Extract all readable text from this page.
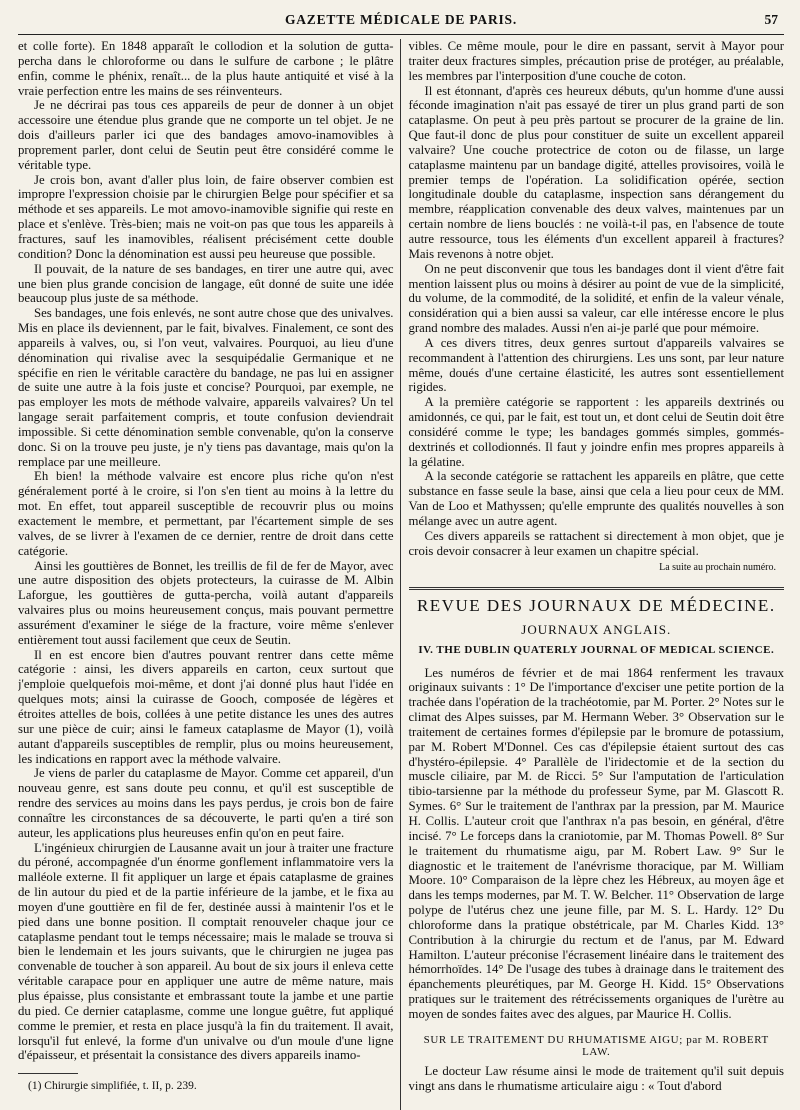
GAZETTE MÉDICALE DE PARIS.	57

et colle forte). En 1848 apparaît le collodion et la solution de gutta-percha dans le chloroforme ou dans le sulfure de carbone ; le plâtre enfin, comme le phénix, renaît... de la plus haute antiquité et visé à la vraie perfection entre les mains de ses réinventeurs.

Je ne décrirai pas tous ces appareils de peur de donner à un objet accessoire une étendue plus grande que ne comporte un tel objet. Je ne dois d'ailleurs parler ici que des bandages amovo-inamovibles à proprement parler, dont celui de Seutin peut être considéré comme le véritable type.

Je crois bon, avant d'aller plus loin, de faire observer combien est impropre l'expression choisie par le chirurgien Belge pour spécifier et sa méthode et ses appareils. Le mot amovo-inamovible signifie qui reste en place et s'enlève. Très-bien; mais ne voit-on pas que tous les appareils à fractures, sauf les inamovibles, réalisent précisément cette double condition? Donc la dénomination est aussi peu heureuse que possible.

Il pouvait, de la nature de ses bandages, en tirer une autre qui, avec une bien plus grande concision de langage, eût donné de suite une idée beaucoup plus juste de sa méthode.

Ses bandages, une fois enlevés, ne sont autre chose que des univalves. Mis en place ils deviennent, par le fait, bivalves. Finalement, ce sont des appareils à valves, ou, si l'on veut, valvaires. Pourquoi, au lieu d'une dénomination qui rivalise avec la sesquipédalie Germanique et ne spécifie en rien le véritable caractère du bandage, ne pas lui en assigner de suite une autre à la fois juste et concise? Pourquoi, par exemple, ne pas employer les mots de méthode valvaire, appareils valvaires? Un tel langage serait parfaitement compris, et toute confusion deviendrait impossible. Si cette dénomination semble convenable, qu'on la conserve donc. Si on la trouve peu juste, je n'y tiens pas davantage, mais qu'on la remplace par une meilleure.

Eh bien! la méthode valvaire est encore plus riche qu'on n'est généralement porté à le croire, si l'on s'en tient au moins à la lettre du mot. En effet, tout appareil susceptible de recouvrir plus ou moins exactement le membre, et permettant, par l'écartement simple de ses valves, de se livrer à l'examen de ce dernier, rentre de droit dans cette catégorie.

Ainsi les gouttières de Bonnet, les treillis de fil de fer de Mayor, avec une autre disposition des objets protecteurs, la cuirasse de M. Albin Laforgue, les gouttières de gutta-percha, voilà autant d'appareils valvaires plus ou moins heureusement conçus, mais pouvant permettre assurément d'examiner le siége de la fracture, voire même s'enlever entièrement tout aussi facilement que ceux de Seutin.

Il en est encore bien d'autres pouvant rentrer dans cette même catégorie : ainsi, les divers appareils en carton, ceux surtout que j'emploie quelquefois moi-même, et dont j'ai donné plus haut l'idée en quelques mots; ainsi la cuirasse de Gooch, composée de légères et étroites attelles de bois, collées à une petite distance les unes des autres sur une pièce de cuir; ainsi le fameux cataplasme de Mayor (1), voilà autant d'appareils susceptibles de remplir, plus ou moins heureusement, les indications en rapport avec la méthode valvaire.

Je viens de parler du cataplasme de Mayor. Comme cet appareil, d'un nouveau genre, est sans doute peu connu, et qu'il est susceptible de rendre des services au moins dans les pays perdus, je crois bon de faire connaître les circonstances de sa découverte, le parti qu'en a tiré son auteur, les applications plus heureuses enfin qu'on en peut faire.

L'ingénieux chirurgien de Lausanne avait un jour à traiter une fracture du péroné, accompagnée d'un énorme gonflement inflammatoire vers la malléole externe. Il fit appliquer un large et épais cataplasme de graines de lin autour du pied et de la partie inférieure de la jambe, et le fixa au moyen d'une gouttière en fil de fer, destinée aussi à maintenir l'os et le pied dans une bonne position. Il comptait renouveler chaque jour ce cataplasme pendant tout le temps nécessaire; mais le malade se trouva si bien le lendemain et les jours suivants, que le chirurgien ne jugea pas convenable de toucher à son appareil. Au bout de six jours il enleva cette véritable carapace pour en appliquer une autre de même nature, mais plus épaisse, plus consistante et embrassant toute la jambe et une partie du pied. Ce dernier cataplasme, comme une longue guêtre, fut appliqué comme le premier, et resta en place jusqu'à la fin du traitement. Il avait, lorsqu'il fut enlevé, la forme d'un univalve ou d'un moule d'une ligne d'épaisseur, et présentait la consistance des divers appareils inamo-

(1) Chirurgie simplifiée, t. II, p. 239.

vibles. Ce même moule, pour le dire en passant, servit à Mayor pour traiter deux fractures simples, précaution prise de protéger, au préalable, les membres par l'interposition d'une couche de coton.

Il est étonnant, d'après ces heureux débuts, qu'un homme d'une aussi féconde imagination n'ait pas essayé de tirer un plus grand parti de son cataplasme. On peut à peu près partout se procurer de la graine de lin. Que faut-il donc de plus pour constituer de suite un excellent appareil valvaire? Une couche protectrice de coton ou de filasse, un large cataplasme maintenu par un bandage digité, attelles provisoires, voilà le premier temps de l'opération. La solidification opérée, section longitudinale double du cataplasme, inspection sans dérangement du membre, réapplication convenable des deux valves, maintenues par un certain nombre de liens bouclés : ne voilà-t-il pas, en l'absence de toute autre ressource, tous les éléments d'un excellent appareil à fractures? Mais revenons à notre objet.

On ne peut disconvenir que tous les bandages dont il vient d'être fait mention laissent plus ou moins à désirer au point de vue de la simplicité, du volume, de la commodité, de la solidité, et enfin de la valeur vénale, considération qui a bien aussi sa valeur, car elle intéresse encore le plus grand nombre des malades. Aussi n'en ai-je parlé que pour mémoire.

A ces divers titres, deux genres surtout d'appareils valvaires se recommandent à l'attention des chirurgiens. Les uns sont, par leur nature même, doués d'une certaine élasticité, les autres sont essentiellement rigides.

A la première catégorie se rapportent : les appareils dextrinés ou amidonnés, ce qui, par le fait, est tout un, et dont celui de Seutin doit être considéré comme le type; les bandages gommés simples, gommés-dextrinés et collodionnés. Il faut y joindre enfin mes propres appareils à la gélatine.

A la seconde catégorie se rattachent les appareils en plâtre, que cette substance en fasse seule la base, ainsi que cela a lieu pour ceux de MM. Van de Loo et Mathyssen; qu'elle emprunte des qualités nouvelles à son mélange avec un autre agent.

Ces divers appareils se rattachent si directement à mon objet, que je crois devoir consacrer à leur examen un chapitre spécial.

La suite au prochain numéro.
REVUE DES JOURNAUX DE MÉDECINE.
JOURNAUX ANGLAIS.
IV. THE DUBLIN QUATERLY JOURNAL OF MEDICAL SCIENCE.

Les numéros de février et de mai 1864 renferment les travaux originaux suivants : 1° De l'importance d'exciser une petite portion de la trachée dans l'opération de la trachéotomie, par M. Porter. 2° Notes sur le climat des Alpes suisses, par M. Hermann Weber. 3° Observation sur le traitement de certaines formes d'épilepsie par le bromure de potassium, par M. Robert M'Donnel. Ces cas d'épilepsie étaient surtout des cas d'hystéro-épilepsie. 4° Parallèle de l'iridectomie et de la section du muscle ciliaire, par M. de Ricci. 5° Sur l'amputation de l'articulation tibio-tarsienne par la méthode du professeur Syme, par M. Glascott R. Symes. 6° Sur le traitement de l'anthrax par la pression, par M. Maurice H. Collis. L'auteur croit que l'anthrax n'a pas besoin, en général, d'être incisé. 7° Le forceps dans la craniotomie, par M. Thomas Powell. 8° Sur le traitement du rhumatisme aigu, par M. Robert Law. 9° Sur le diagnostic et le traitement de l'anévrisme thoracique, par M. William Moore. 10° Comparaison de la lèpre chez les Hébreux, au moyen âge et dans les temps modernes, par M. T. W. Belcher. 11° Observation de large polype de l'utérus chez une jeune fille, par M. S. L. Hardy. 12° Du chloroforme dans la pratique obstétricale, par M. Charles Kidd. 13° Contribution à la chirurgie du rectum et de l'anus, par M. Edward Hamilton. L'auteur préconise l'écrasement linéaire dans le traitement des hémorrhoïdes. 14° De l'usage des tubes à drainage dans le traitement des épanchements pleurétiques, par M. George H. Kidd. 15° Observations pratiques sur le traitement des rétrécissements organiques de l'urètre au moyen de sondes faites avec des algues, par Maurice H. Collis.

SUR LE TRAITEMENT DU RHUMATISME AIGU; par M. ROBERT LAW.

Le docteur Law résume ainsi le mode de traitement qu'il suit depuis vingt ans dans le rhumatisme articulaire aigu : « Tout d'abord
